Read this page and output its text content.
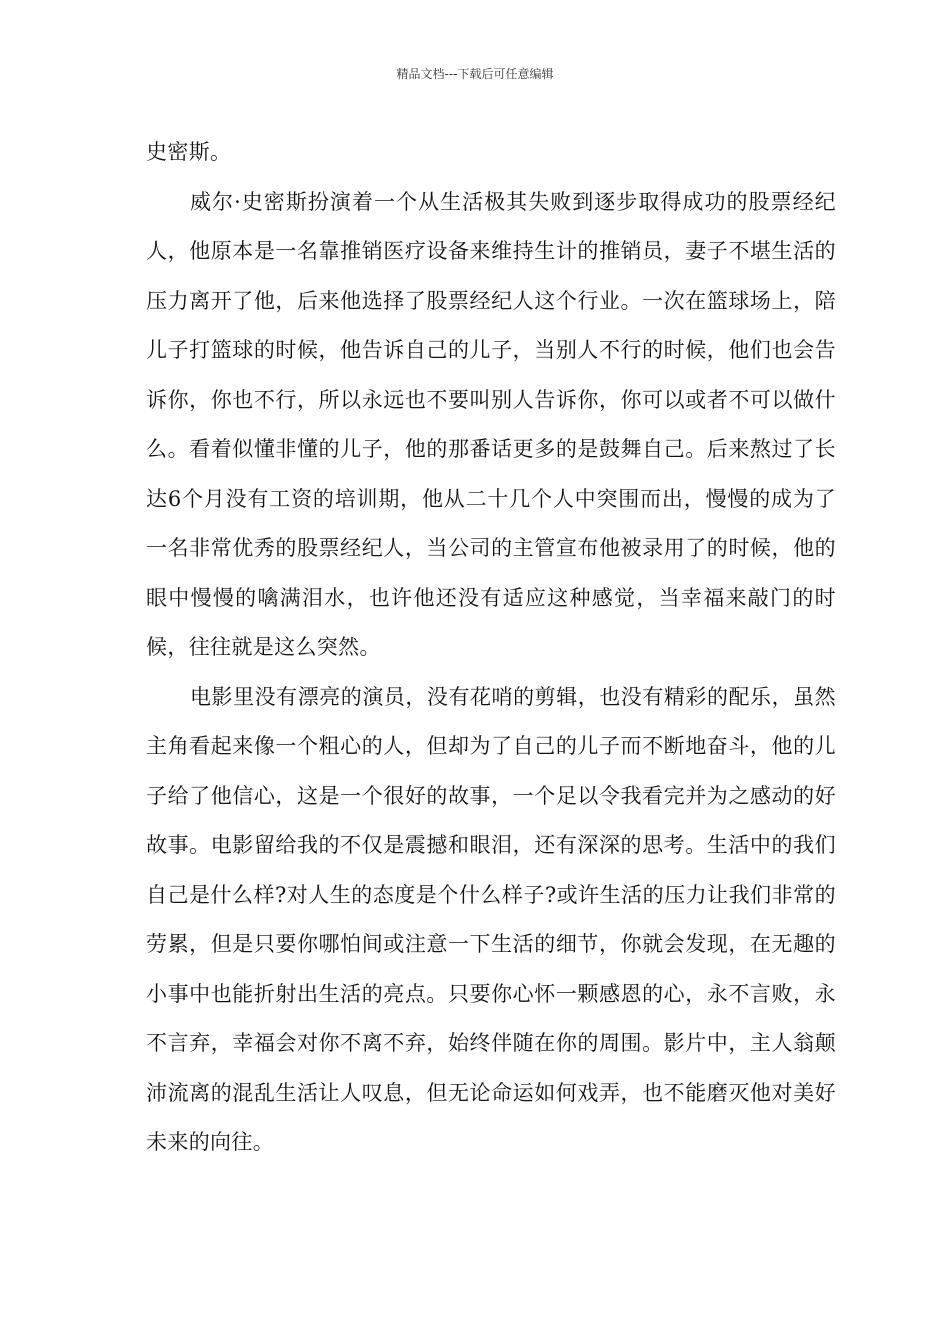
精品文档---下载后可任意编辑

史密斯。

威尔·史密斯扮演着一个从生活极其失败到逐步取得成功的股票经纪人，他原本是一名靠推销医疗设备来维持生计的推销员，妻子不堪生活的压力离开了他，后来他选择了股票经纪人这个行业。一次在篮球场上，陪儿子打篮球的时候，他告诉自己的儿子，当别人不行的时候，他们也会告诉你，你也不行，所以永远也不要叫别人告诉你，你可以或者不可以做什么。看着似懂非懂的儿子，他的那番话更多的是鼓舞自己。后来熬过了长达6个月没有工资的培训期，他从二十几个人中突围而出，慢慢的成为了一名非常优秀的股票经纪人，当公司的主管宣布他被录用了的时候，他的眼中慢慢的噙满泪水，也许他还没有适应这种感觉，当幸福来敲门的时候，往往就是这么突然。

电影里没有漂亮的演员，没有花哨的剪辑，也没有精彩的配乐，虽然主角看起来像一个粗心的人，但却为了自己的儿子而不断地奋斗，他的儿子给了他信心，这是一个很好的故事，一个足以令我看完并为之感动的好故事。电影留给我的不仅是震撼和眼泪，还有深深的思考。生活中的我们自己是什么样?对人生的态度是个什么样子?或许生活的压力让我们非常的劳累，但是只要你哪怕间或注意一下生活的细节，你就会发现，在无趣的小事中也能折射出生活的亮点。只要你心怀一颗感恩的心，永不言败，永不言弃，幸福会对你不离不弃，始终伴随在你的周围。影片中，主人翁颠沛流离的混乱生活让人叹息，但无论命运如何戏弄，也不能磨灭他对美好未来的向往。
